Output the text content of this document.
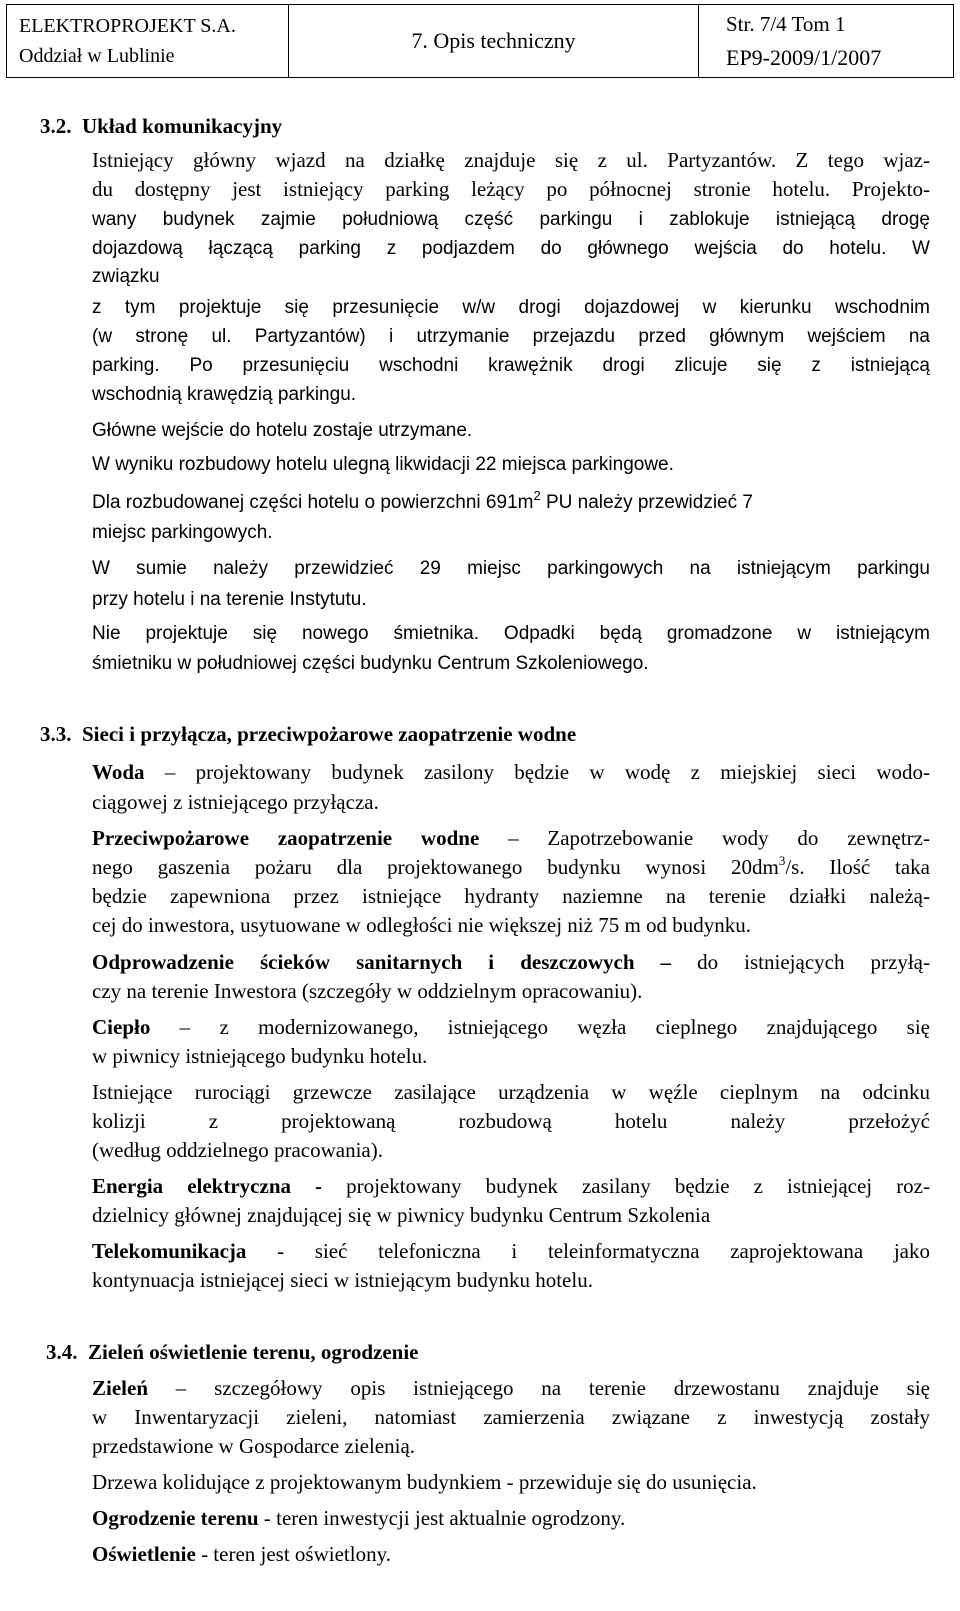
ELEKTROPROJEKT S.A.
Oddział w Lublinie
7. Opis techniczny
Str. 7/4 Tom 1
EP9-2009/1/2007
3.2. Układ komunikacyjny
Istniejący główny wjazd na działkę znajduje się z ul. Partyzantów. Z tego wjaz-
du dostępny jest istniejący parking leżący po północnej stronie hotelu. Projekto-
wany budynek zajmie południową część parkingu i zablokuje istniejącą drogę
dojazdową łączącą parking z podjazdem do głównego wejścia do hotelu. W
związku
z tym projektuje się przesunięcie w/w drogi dojazdowej w kierunku wschodnim
(w stronę ul. Partyzantów) i utrzymanie przejazdu przed głównym wejściem na
parking. Po przesunięciu wschodni krawężnik drogi zlicuje się z istniejącą
wschodnią krawędzią parkingu.
Główne wejście do hotelu zostaje utrzymane.
W wyniku rozbudowy hotelu ulegną likwidacji 22 miejsca parkingowe.
Dla rozbudowanej części hotelu o powierzchni $691m^2$ PU należy przewidzieć 7
miejsc parkingowych.
W sumie należy przewidzieć 29 miejsc parkingowych na istniejącym parkingu
przy hotelu i na terenie Instytutu.
Nie projektuje się nowego śmietnika. Odpadki będą gromadzone w istniejącym
śmietniku w południowej części budynku Centrum Szkoleniowego.
3.3. Sieci i przyłącza, przeciwpożarowe zaopatrzenie wodne
Woda – projektowany budynek zasilony będzie w wodę z miejskiej sieci wodo-
ciągowej z istniejącego przyłącza.
Przeciwpożarowe zaopatrzenie wodne – Zapotrzebowanie wody do zewnętrz-
nego gaszenia pożaru dla projektowanego budynku wynosi $20dm^3/s$. Ilość taka
będzie zapewniona przez istniejące hydranty naziemne na terenie działki należą-
cej do inwestora, usytuowane w odległości nie większej niż 75 m od budynku.
Odprowadzenie ścieków sanitarnych i deszczowych – do istniejących przyłą-
czy na terenie Inwestora (szczegóły w oddzielnym opracowaniu).
Ciepło – z modernizowanego, istniejącego węzła cieplnego znajdującego się
w piwnicy istniejącego budynku hotelu.
Istniejące rurociągi grzewcze zasilające urządzenia w węźle cieplnym na odcinku
kolizji z projektowaną rozbudową hotelu należy przełożyć
(według oddzielnego pracowania).
Energia elektryczna - projektowany budynek zasilany będzie z istniejącej roz-
dzielnicy głównej znajdującej się w piwnicy budynku Centrum Szkolenia
Telekomunikacja - sieć telefoniczna i teleinformatyczna zaprojektowana jako
kontynuacja istniejącej sieci w istniejącym budynku hotelu.
3.4. Zieleń oświetlenie terenu, ogrodzenie
Zieleń – szczegółowy opis istniejącego na terenie drzewostanu znajduje się
w Inwentaryzacji zieleni, natomiast zamierzenia związane z inwestycją zostały
przedstawione w Gospodarce zielenią.
Drzewa kolidujące z projektowanym budynkiem - przewiduje się do usunięcia.
Ogrodzenie terenu - teren inwestycji jest aktualnie ogrodzony.
Oświetlenie - teren jest oświetlony.
